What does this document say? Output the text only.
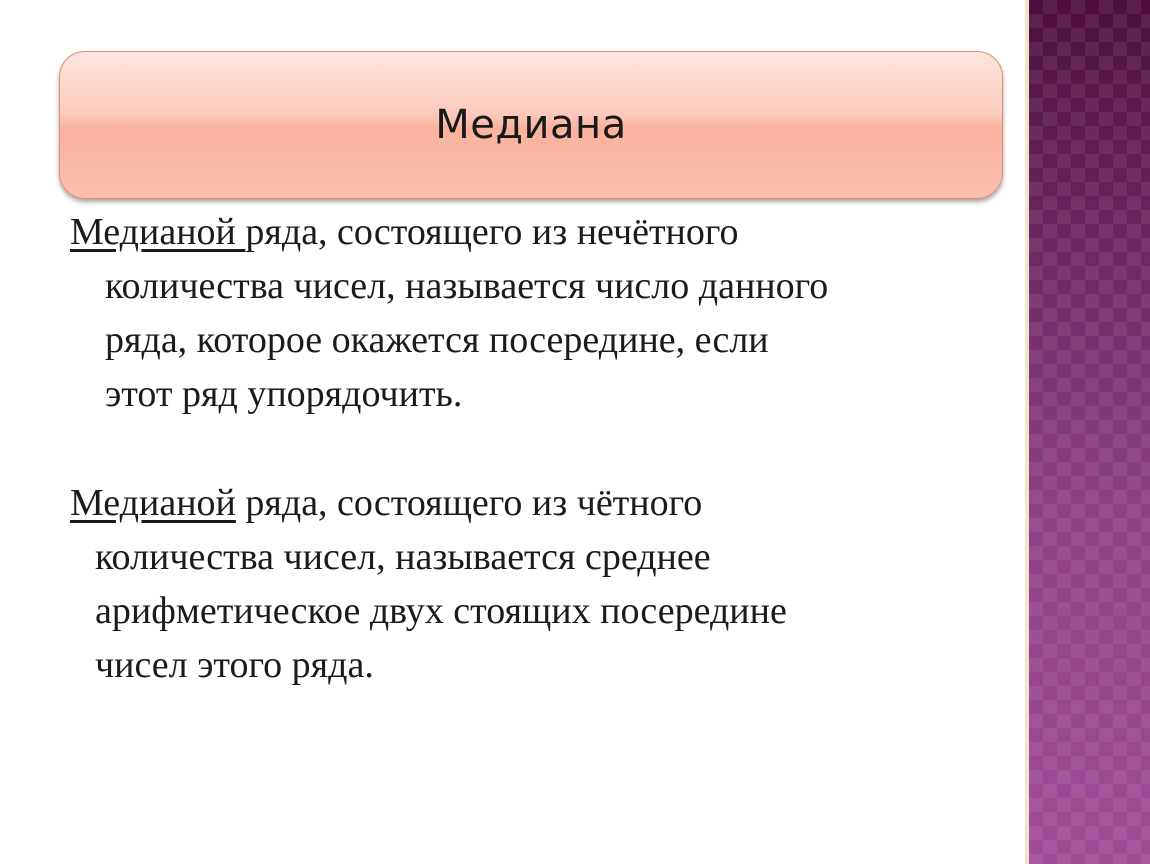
Медиана
Медианой ряда, состоящего из нечётного
количества чисел, называется число данного
ряда, которое окажется посередине, если
этот ряд упорядочить.
Медианой ряда, состоящего из чётного
количества чисел, называется среднее
арифметическое двух стоящих посередине
чисел этого ряда.
